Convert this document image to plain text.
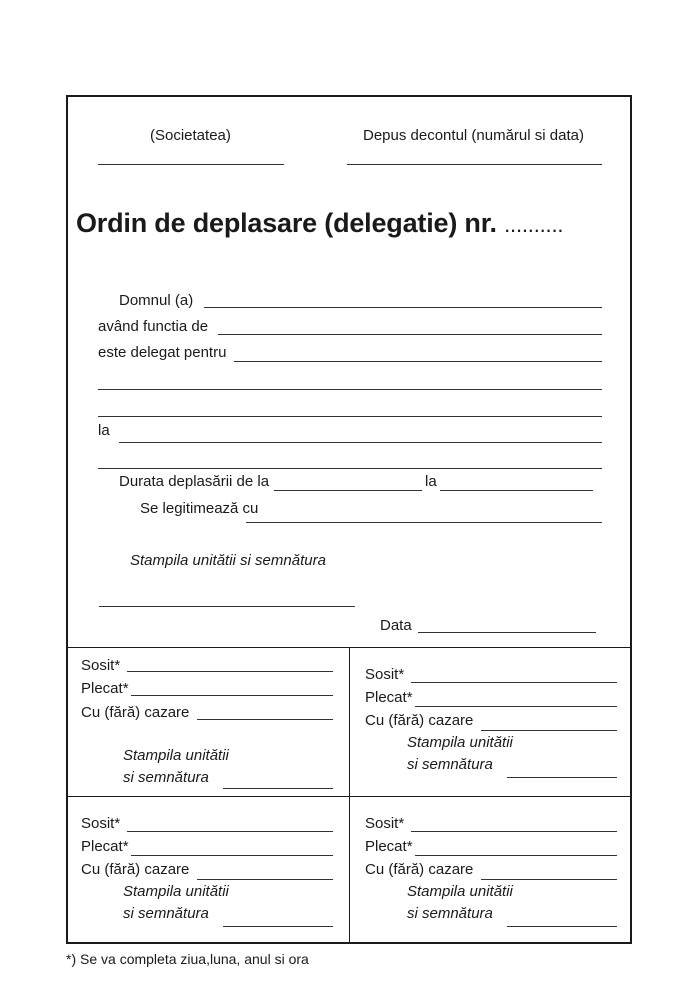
(Societatea)	Depus decontul (numărul si data)
Ordin de deplasare (delegatie) nr. ..........
Domnul (a)
având functia de
este delegat pentru
la
Durata deplasării de la	la
Se legitimează cu
Stampila unitătii si semnătura
Data
Sosit*
Plecat*
Cu (fără) cazare
Stampila unitătii
si semnătura
Sosit*
Plecat*
Cu (fără) cazare
Stampila unitătii
si semnătura
Sosit*
Plecat*
Cu (fără) cazare
Stampila unitătii
si semnătura
Sosit*
Plecat*
Cu (fără) cazare
Stampila unitătii
si semnătura
*) Se va completa ziua,luna, anul si ora
